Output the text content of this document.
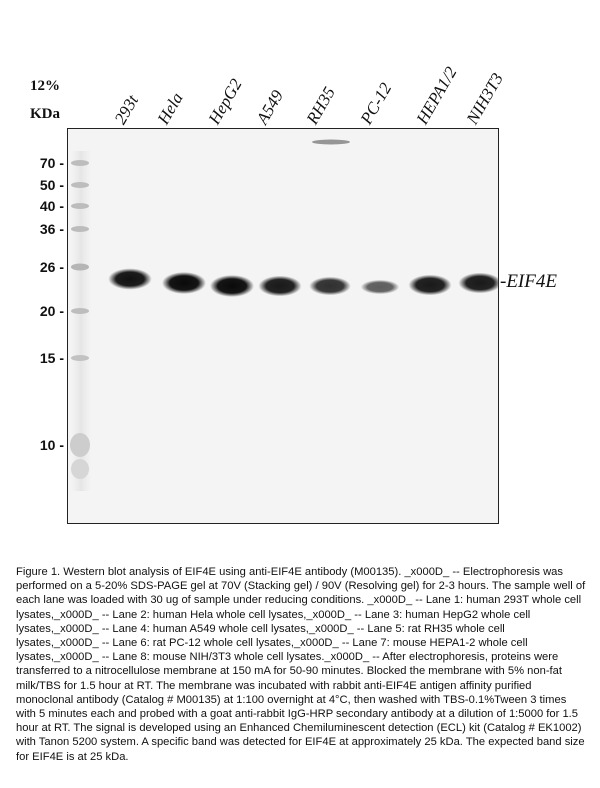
12%
KDa	293t Hela HepG2 A549 RH35 PC-12 HEPA1/2 NIH3T3
70 -
50 -
40 -
36 -
26 -
20 -
15 -
10 -
-EIF4E
Figure 1. Western blot analysis of EIF4E using anti-EIF4E antibody (M00135). _x000D_ -- Electrophoresis was performed on a 5-20% SDS-PAGE gel at 70V (Stacking gel) / 90V (Resolving gel) for 2-3 hours. The sample well of each lane was loaded with 30 ug of sample under reducing conditions. _x000D_ -- Lane 1: human 293T whole cell lysates,_x000D_ -- Lane 2: human Hela whole cell lysates,_x000D_ -- Lane 3: human HepG2 whole cell lysates,_x000D_ -- Lane 4: human A549 whole cell lysates,_x000D_ -- Lane 5: rat RH35 whole cell lysates,_x000D_ -- Lane 6: rat PC-12 whole cell lysates,_x000D_ -- Lane 7: mouse HEPA1-2 whole cell lysates,_x000D_ -- Lane 8: mouse NIH/3T3 whole cell lysates._x000D_ -- After electrophoresis, proteins were transferred to a nitrocellulose membrane at 150 mA for 50-90 minutes. Blocked the membrane with 5% non-fat milk/TBS for 1.5 hour at RT. The membrane was incubated with rabbit anti-EIF4E antigen affinity purified monoclonal antibody (Catalog # M00135) at 1:100 overnight at 4°C, then washed with TBS-0.1%Tween 3 times with 5 minutes each and probed with a goat anti-rabbit IgG-HRP secondary antibody at a dilution of 1:5000 for 1.5 hour at RT. The signal is developed using an Enhanced Chemiluminescent detection (ECL) kit (Catalog # EK1002) with Tanon 5200 system. A specific band was detected for EIF4E at approximately 25 kDa. The expected band size for EIF4E is at 25 kDa.
